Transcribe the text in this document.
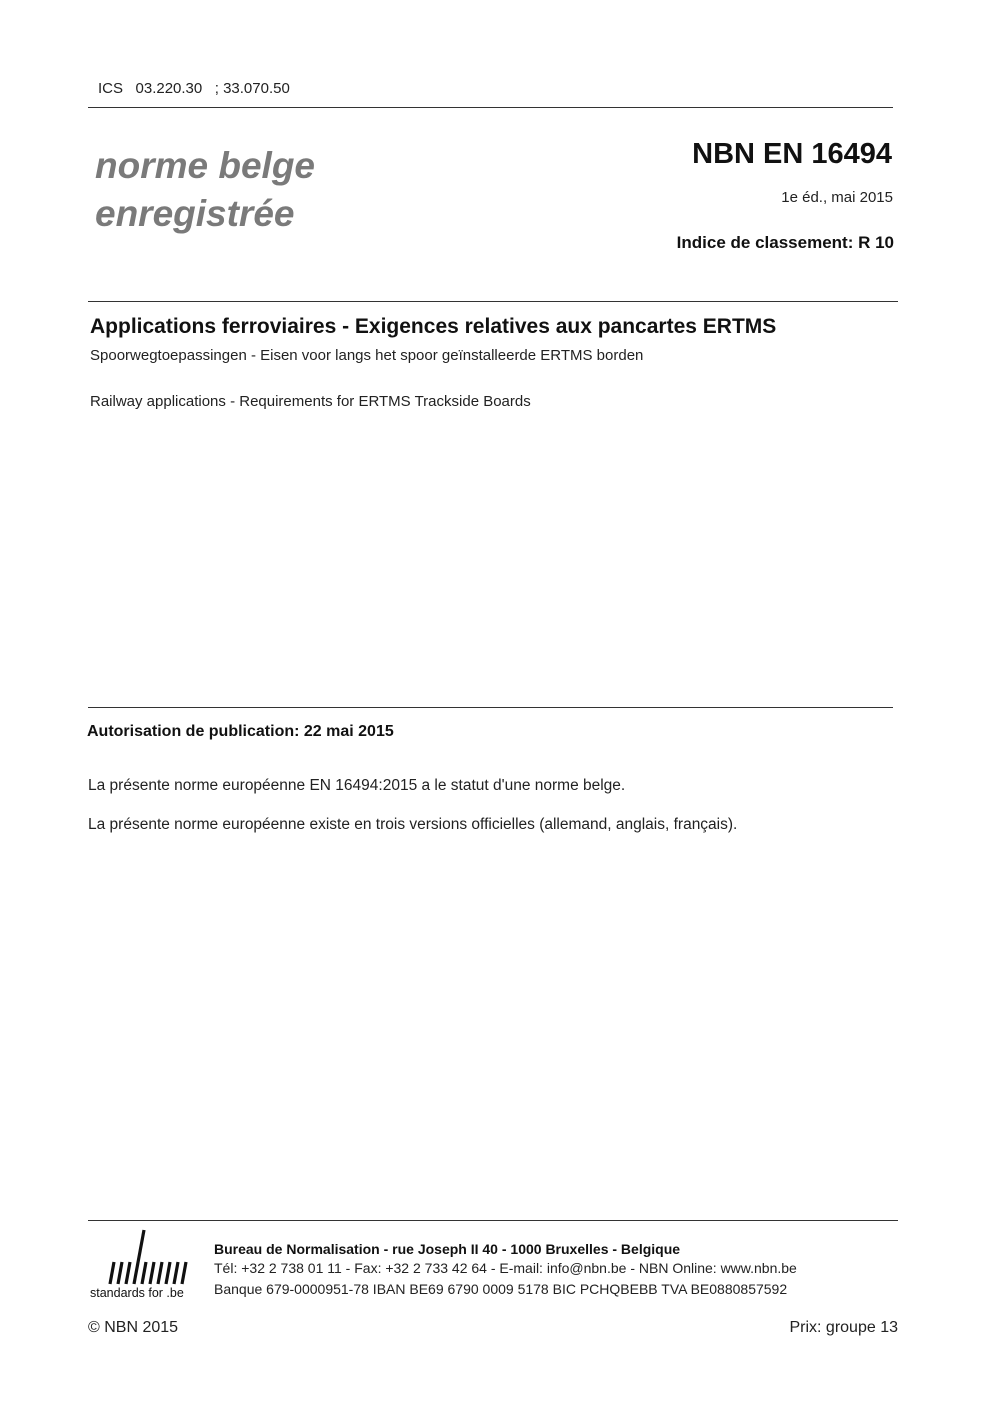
ICS   03.220.30   ; 33.070.50
norme belge
enregistrée
NBN EN 16494
1e éd., mai 2015
Indice de classement: R 10
Applications ferroviaires - Exigences relatives aux pancartes ERTMS
Spoorwegtoepassingen - Eisen voor langs het spoor geïnstalleerde ERTMS borden
Railway applications - Requirements for ERTMS Trackside Boards
Autorisation de publication: 22 mai 2015
La présente norme européenne EN 16494:2015 a le statut d'une norme belge.
La présente norme européenne existe en trois versions officielles (allemand, anglais, français).
standards for .be
Bureau de Normalisation - rue Joseph II 40 - 1000 Bruxelles - Belgique
Tél: +32 2 738 01 11 - Fax: +32 2 733 42 64 - E-mail: info@nbn.be - NBN Online: www.nbn.be
Banque 679-0000951-78 IBAN BE69 6790 0009 5178 BIC PCHQBEBB TVA BE0880857592
© NBN 2015	Prix: groupe 13
